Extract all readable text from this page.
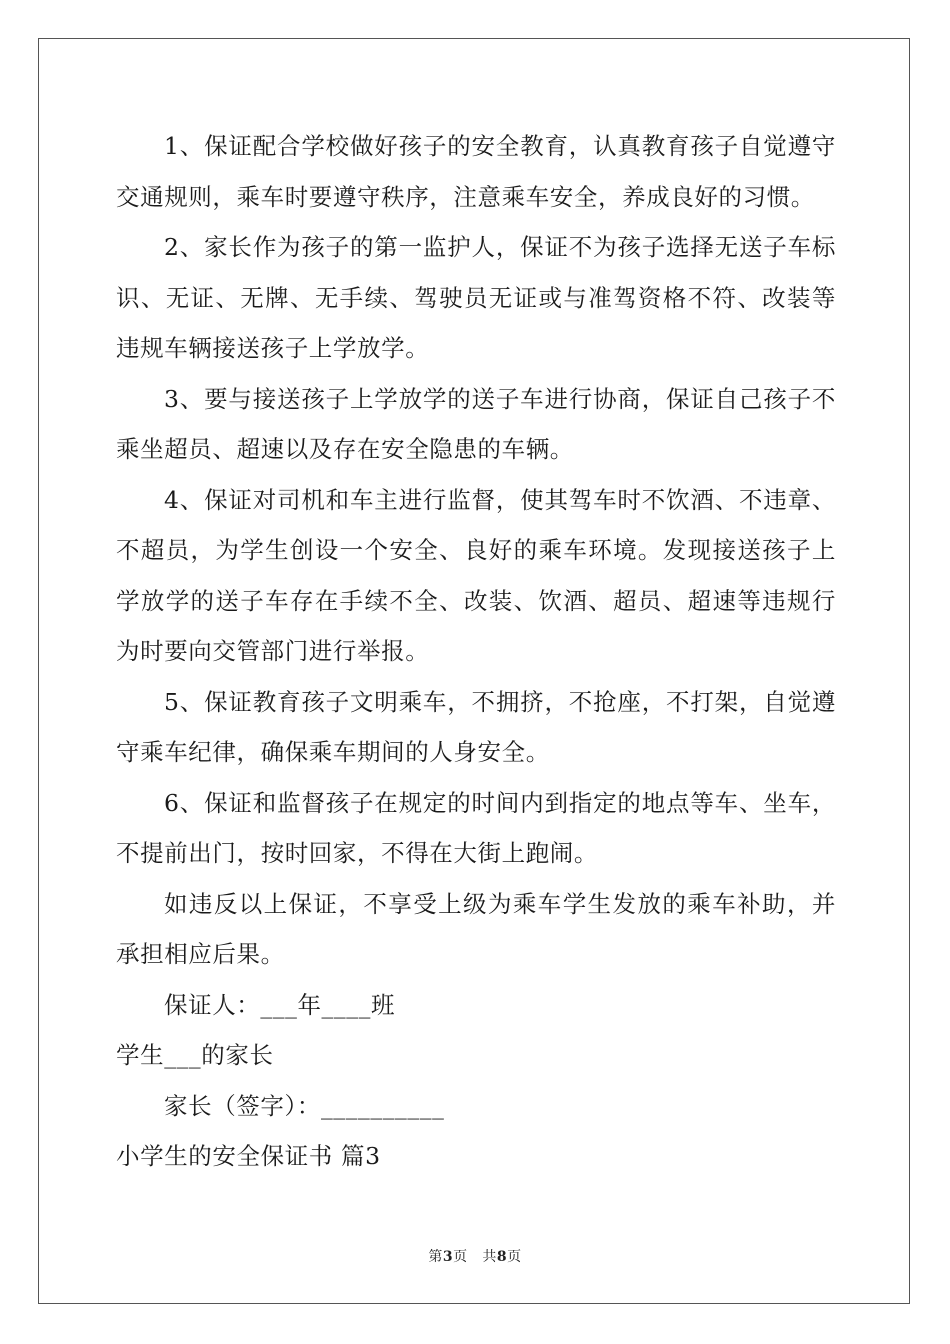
1、保证配合学校做好孩子的安全教育，认真教育孩子自觉遵守交通规则，乘车时要遵守秩序，注意乘车安全，养成良好的习惯。

2、家长作为孩子的第一监护人，保证不为孩子选择无送子车标识、无证、无牌、无手续、驾驶员无证或与准驾资格不符、改装等违规车辆接送孩子上学放学。

3、要与接送孩子上学放学的送子车进行协商，保证自己孩子不乘坐超员、超速以及存在安全隐患的车辆。

4、保证对司机和车主进行监督，使其驾车时不饮酒、不违章、不超员，为学生创设一个安全、良好的乘车环境。发现接送孩子上学放学的送子车存在手续不全、改装、饮酒、超员、超速等违规行为时要向交管部门进行举报。

5、保证教育孩子文明乘车，不拥挤，不抢座，不打架，自觉遵守乘车纪律，确保乘车期间的人身安全。

6、保证和监督孩子在规定的时间内到指定的地点等车、坐车，不提前出门，按时回家，不得在大街上跑闹。

如违反以上保证，不享受上级为乘车学生发放的乘车补助，并承担相应后果。

保证人：___年____班

学生___的家长

家长（签字）：__________

小学生的安全保证书 篇3

第3页 共8页
